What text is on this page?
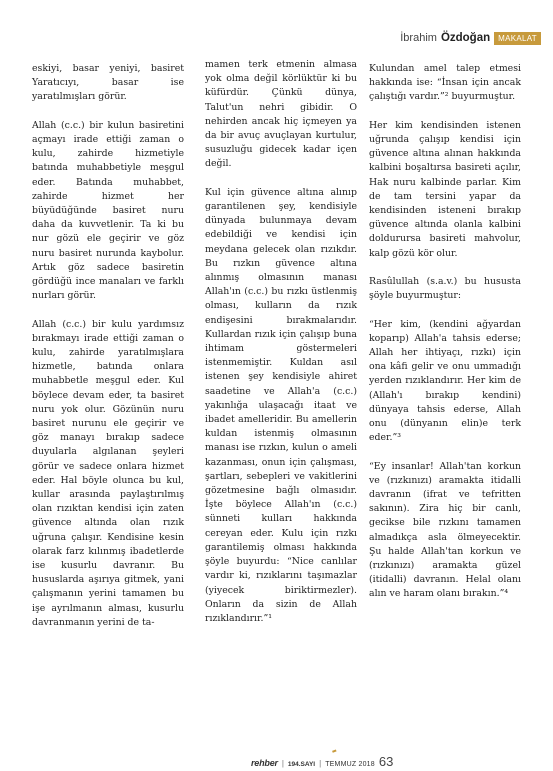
İbrahim Özdoğan	MAKALAT

eskiyi, basar yeniyi, basiret Yaratıcıyı, basar ise yaratılmışları görür.

Allah (c.c.) bir kulun basiretini açmayı irade ettiği zaman o kulu, zahirde hizmetiyle batında muhabbetiyle meşgul eder. Batında muhabbet, zahirde hizmet her büyüdüğünde basiret nuru daha da kuvvetlenir. Ta ki bu nur gözü ele geçirir ve göz nuru basiret nurunda kaybolur. Artık göz sadece basiretin gördüğü ince manaları ve farklı nurları görür.

Allah (c.c.) bir kulu yardımsız bırakmayı irade ettiği zaman o kulu, zahirde yaratılmışlara hizmetle, batında onlara muhabbetle meşgul eder. Kul böylece devam eder, ta basiret nuru yok olur. Gözünün nuru basiret nurunu ele geçirir ve göz manayı bırakıp sadece duyularla algılanan şeyleri görür ve sadece onlara hizmet eder. Hal böyle olunca bu kul, kullar arasında paylaştırılmış olan rızıktan kendisi için zaten güvence altında olan rızık uğruna çalışır. Kendisine kesin olarak farz kılınmış ibadetlerde ise kusurlu davranır. Bu hususlarda aşırıya gitmek, yani çalışmanın yerini tamamen bu işe ayrılmanın alması, kusurlu davranmanın yerini de ta-

mamen terk etmenin almasa yok olma değil körlüktür ki bu küfürdür. Çünkü dünya, Talut'un nehri gibidir. O nehirden ancak hiç içmeyen ya da bir avuç avuçlayan kurtulur, susuzluğu gidecek kadar içen değil.

Kul için güvence altına alınıp garantilenen şey, kendisiyle dünyada bulunmaya devam edebildiği ve kendisi için meydana gelecek olan rızıkdır. Bu rızkın güvence altına alınmış olmasının manası Allah'ın (c.c.) bu rızkı üstlenmiş olması, kulların da rızık endişesini bırakmalarıdır. Kullardan rızık için çalışıp buna ihtimam göstermeleri istenmemiştir. Kuldan asıl istenen şey kendisiyle ahiret saadetine ve Allah'a (c.c.) yakınlığa ulaşacağı itaat ve ibadet amelleridir. Bu amellerin kuldan istenmiş olmasının manası ise rızkın, kulun o ameli kazanması, onun için çalışması, şartları, sebepleri ve vakitlerini gözetmesine bağlı olmasıdır. İşte böylece Allah'ın (c.c.) sünneti kulları hakkında cereyan eder. Kulu için rızkı garantilemiş olması hakkında şöyle buyurdu: “Nice canlılar vardır ki, rızıklarını taşımazlar (yiyecek biriktirmezler). Onların da sizin de Allah rızıklandırır.”¹

Kulundan amel talep etmesi hakkında ise: “İnsan için ancak çalıştığı vardır.”² buyurmuştur.

Her kim kendisinden istenen uğrunda çalışıp kendisi için güvence altına alınan hakkında kalbini boşaltırsa basireti açılır, Hak nuru kalbinde parlar. Kim de tam tersini yapar da kendisinden isteneni bırakıp güvence altında olanla kalbini doldurursa basireti mahvolur, kalp gözü kör olur.

Rasûlullah (s.a.v.) bu hususta şöyle buyurmuştur:

“Her kim, (kendini ağyardan koparıp) Allah'a tahsis ederse; Allah her ihtiyaçı, rızkı) için ona kâfi gelir ve onu ummadığı yerden rızıklandırır. Her kim de (Allah'ı bırakıp kendini) dünyaya tahsis ederse, Allah onu (dünyanın elin)e terk eder.”³

“Ey insanlar! Allah'tan korkun ve (rızkınızı) aramakta itidalli davranın (ifrat ve tefritten sakının). Zira hiç bir canlı, gecikse bile rızkını tamamen almadıkça asla ölmeyecektir. Şu halde Allah'tan korkun ve (rızkınızı) aramakta güzel (itidalli) davranın. Helal olanı alın ve haram olanı bırakın.”⁴

rehber | 194.SAYI | TEMMUZ 2018 63
